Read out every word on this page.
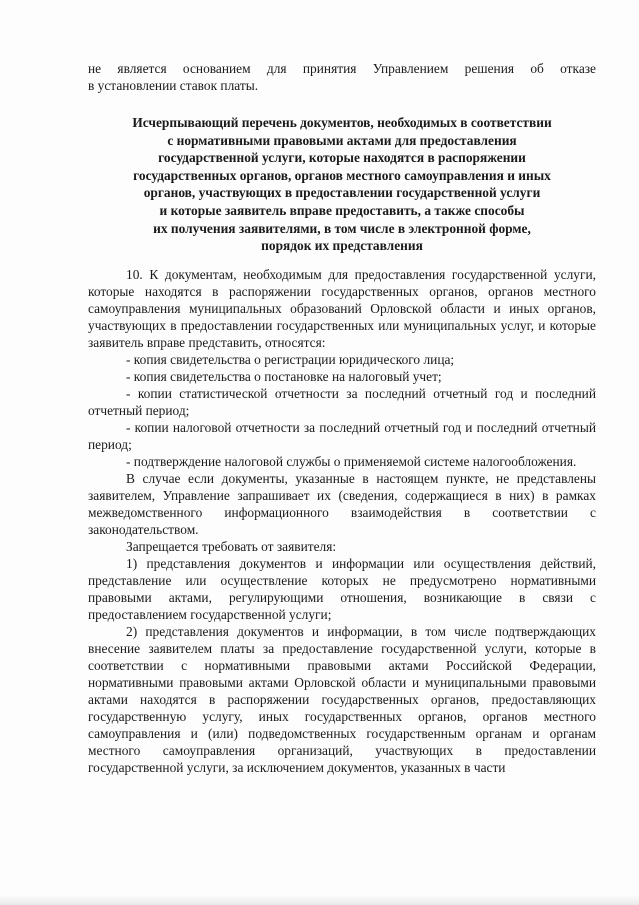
не является основанием для принятия Управлением решения об отказе
в установлении ставок платы.
Исчерпывающий перечень документов, необходимых в соответствии
с нормативными правовыми актами для предоставления
государственной услуги, которые находятся в распоряжении
государственных органов, органов местного самоуправления и иных
органов, участвующих в предоставлении государственной услуги
и которые заявитель вправе предоставить, а также способы
их получения заявителями, в том числе в электронной форме,
порядок их представления

10. К документам, необходимым для предоставления государственной услуги, которые находятся в распоряжении государственных органов, органов местного самоуправления муниципальных образований Орловской области и иных органов, участвующих в предоставлении государственных или муниципальных услуг, и которые заявитель вправе представить, относятся:

- копия свидетельства о регистрации юридического лица;

- копия свидетельства о постановке на налоговый учет;

- копии статистической отчетности за последний отчетный год и последний отчетный период;

- копии налоговой отчетности за последний отчетный год и последний отчетный период;

- подтверждение налоговой службы о применяемой системе налогообложения.

В случае если документы, указанные в настоящем пункте, не представлены заявителем, Управление запрашивает их (сведения, содержащиеся в них) в рамках межведомственного информационного взаимодействия в соответствии с законодательством.

Запрещается требовать от заявителя:

1) представления документов и информации или осуществления действий, представление или осуществление которых не предусмотрено нормативными правовыми актами, регулирующими отношения, возникающие в связи с предоставлением государственной услуги;

2) представления документов и информации, в том числе подтверждающих внесение заявителем платы за предоставление государственной услуги, которые в соответствии с нормативными правовыми актами Российской Федерации, нормативными правовыми актами Орловской области и муниципальными правовыми актами находятся в распоряжении государственных органов, предоставляющих государственную услугу, иных государственных органов, органов местного самоуправления и (или) подведомственных государственным органам и органам местного самоуправления организаций, участвующих в предоставлении государственной услуги, за исключением документов, указанных в части
